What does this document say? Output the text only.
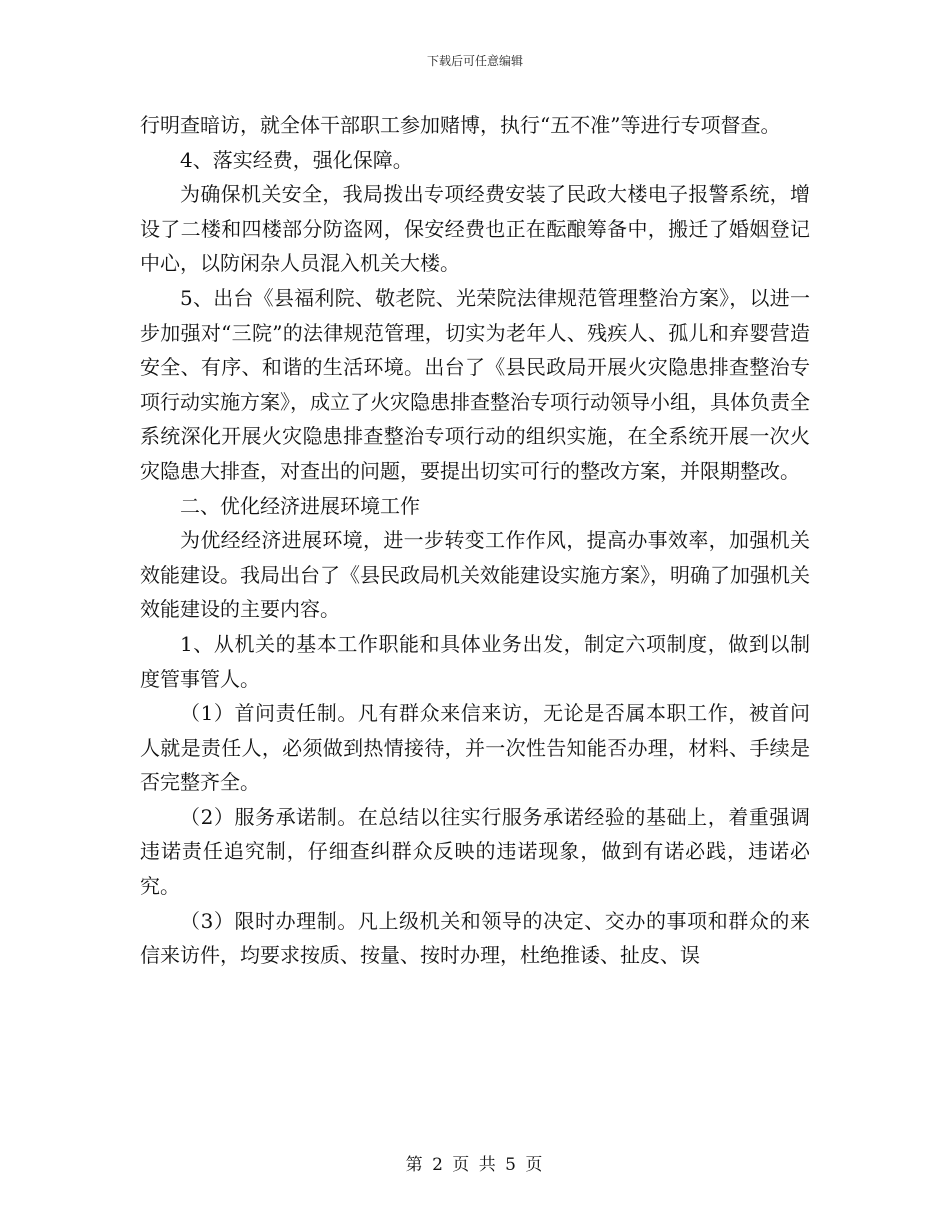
下载后可任意编辑

行明查暗访，就全体干部职工参加赌博，执行“五不准”等进行专项督查。

4、落实经费，强化保障。

为确保机关安全，我局拨出专项经费安装了民政大楼电子报警系统，增设了二楼和四楼部分防盗网，保安经费也正在酝酿筹备中，搬迁了婚姻登记中心，以防闲杂人员混入机关大楼。

5、出台《县福利院、敬老院、光荣院法律规范管理整治方案》，以进一步加强对“三院”的法律规范管理，切实为老年人、残疾人、孤儿和弃婴营造安全、有序、和谐的生活环境。出台了《县民政局开展火灾隐患排查整治专项行动实施方案》，成立了火灾隐患排查整治专项行动领导小组，具体负责全系统深化开展火灾隐患排查整治专项行动的组织实施，在全系统开展一次火灾隐患大排查，对查出的问题，要提出切实可行的整改方案，并限期整改。

二、优化经济进展环境工作

为优经经济进展环境，进一步转变工作作风，提高办事效率，加强机关效能建设。我局出台了《县民政局机关效能建设实施方案》，明确了加强机关效能建设的主要内容。

1、从机关的基本工作职能和具体业务出发，制定六项制度，做到以制度管事管人。

（1）首问责任制。凡有群众来信来访，无论是否属本职工作，被首问人就是责任人，必须做到热情接待，并一次性告知能否办理，材料、手续是否完整齐全。

（2）服务承诺制。在总结以往实行服务承诺经验的基础上，着重强调违诺责任追究制，仔细查纠群众反映的违诺现象，做到有诺必践，违诺必究。

（3）限时办理制。凡上级机关和领导的决定、交办的事项和群众的来信来访件，均要求按质、按量、按时办理，杜绝推诿、扯皮、误

第 2 页 共 5 页
